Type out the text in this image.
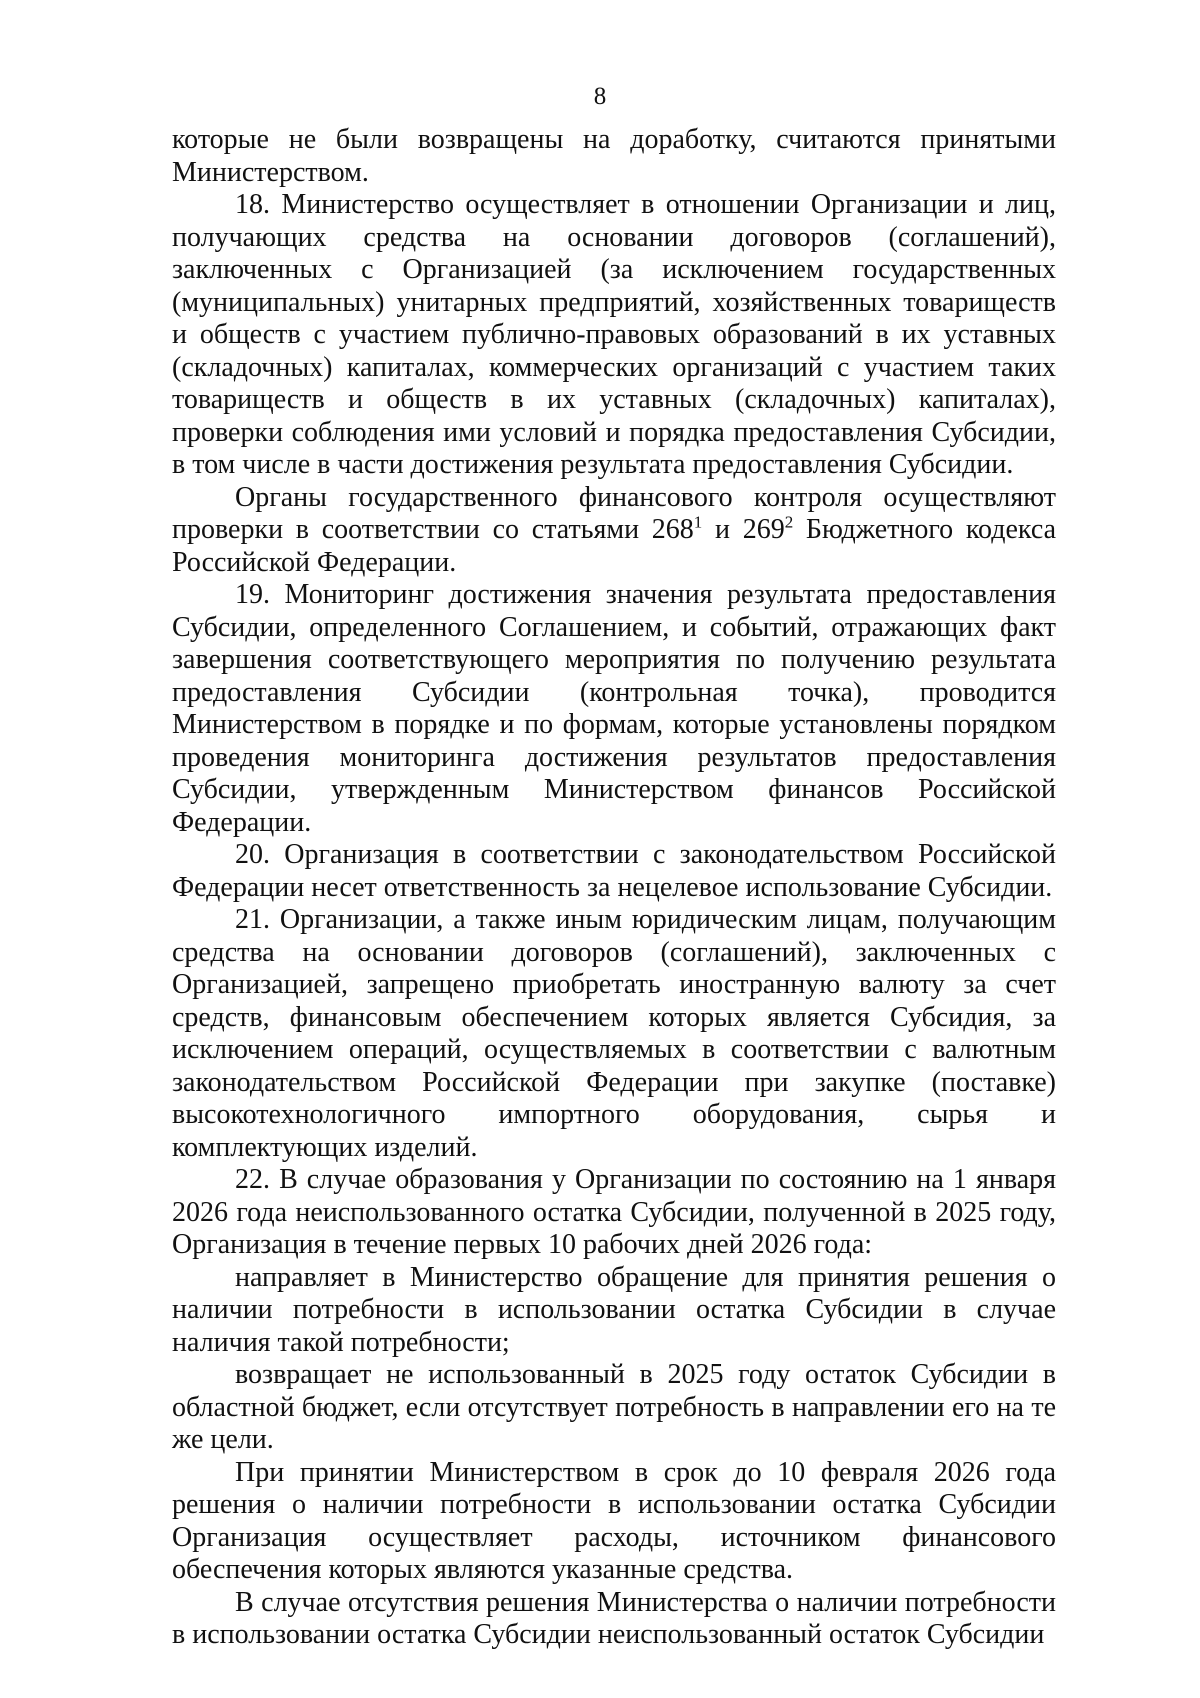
8

которые не были возвращены на доработку, считаются принятыми Министерством.

18. Министерство осуществляет в отношении Организации и лиц, получающих средства на основании договоров (соглашений), заключенных с Организацией (за исключением государственных (муниципальных) унитарных предприятий, хозяйственных товариществ и обществ с участием публично-правовых образований в их уставных (складочных) капиталах, коммерческих организаций с участием таких товариществ и обществ в их уставных (складочных) капиталах), проверки соблюдения ими условий и порядка предоставления Субсидии, в том числе в части достижения результата предоставления Субсидии.

Органы государственного финансового контроля осуществляют проверки в соответствии со статьями $268^1$ и $269^2$ Бюджетного кодекса Российской Федерации.

19. Мониторинг достижения значения результата предоставления Субсидии, определенного Соглашением, и событий, отражающих факт завершения соответствующего мероприятия по получению результата предоставления Субсидии (контрольная точка), проводится Министерством в порядке и по формам, которые установлены порядком проведения мониторинга достижения результатов предоставления Субсидии, утвержденным Министерством финансов Российской Федерации.

20. Организация в соответствии с законодательством Российской Федерации несет ответственность за нецелевое использование Субсидии.

21. Организации, а также иным юридическим лицам, получающим средства на основании договоров (соглашений), заключенных с Организацией, запрещено приобретать иностранную валюту за счет средств, финансовым обеспечением которых является Субсидия, за исключением операций, осуществляемых в соответствии с валютным законодательством Российской Федерации при закупке (поставке) высокотехнологичного импортного оборудования, сырья и комплектующих изделий.

22. В случае образования у Организации по состоянию на 1 января 2026 года неиспользованного остатка Субсидии, полученной в 2025 году, Организация в течение первых 10 рабочих дней 2026 года:

направляет в Министерство обращение для принятия решения о наличии потребности в использовании остатка Субсидии в случае наличия такой потребности;

возвращает не использованный в 2025 году остаток Субсидии в областной бюджет, если отсутствует потребность в направлении его на те же цели.

При принятии Министерством в срок до 10 февраля 2026 года решения о наличии потребности в использовании остатка Субсидии Организация осуществляет расходы, источником финансового обеспечения которых являются указанные средства.

В случае отсутствия решения Министерства о наличии потребности в использовании остатка Субсидии неиспользованный остаток Субсидии
